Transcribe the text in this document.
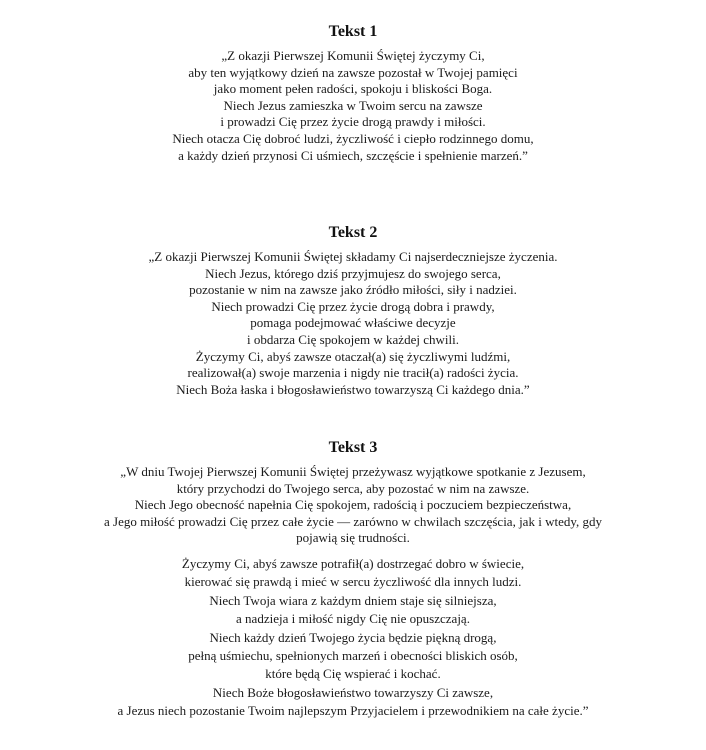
Tekst 1

„Z okazji Pierwszej Komunii Świętej życzymy Ci,
aby ten wyjątkowy dzień na zawsze pozostał w Twojej pamięci
jako moment pełen radości, spokoju i bliskości Boga.
Niech Jezus zamieszka w Twoim sercu na zawsze
i prowadzi Cię przez życie drogą prawdy i miłości.
Niech otacza Cię dobroć ludzi, życzliwość i ciepło rodzinnego domu,
a każdy dzień przynosi Ci uśmiech, szczęście i spełnienie marzeń.”

Tekst 2

„Z okazji Pierwszej Komunii Świętej składamy Ci najserdeczniejsze życzenia.
Niech Jezus, którego dziś przyjmujesz do swojego serca,
pozostanie w nim na zawsze jako źródło miłości, siły i nadziei.
Niech prowadzi Cię przez życie drogą dobra i prawdy,
pomaga podejmować właściwe decyzje
i obdarza Cię spokojem w każdej chwili.
Życzymy Ci, abyś zawsze otaczał(a) się życzliwymi ludźmi,
realizował(a) swoje marzenia i nigdy nie tracił(a) radości życia.
Niech Boża łaska i błogosławieństwo towarzyszą Ci każdego dnia.”

Tekst 3

„W dniu Twojej Pierwszej Komunii Świętej przeżywasz wyjątkowe spotkanie z Jezusem,
który przychodzi do Twojego serca, aby pozostać w nim na zawsze.
Niech Jego obecność napełnia Cię spokojem, radością i poczuciem bezpieczeństwa,
a Jego miłość prowadzi Cię przez całe życie — zarówno w chwilach szczęścia, jak i wtedy, gdy
pojawią się trudności.

Życzymy Ci, abyś zawsze potrafił(a) dostrzegać dobro w świecie,
kierować się prawdą i mieć w sercu życzliwość dla innych ludzi.
Niech Twoja wiara z każdym dniem staje się silniejsza,
a nadzieja i miłość nigdy Cię nie opuszczają.
Niech każdy dzień Twojego życia będzie piękną drogą,
pełną uśmiechu, spełnionych marzeń i obecności bliskich osób,
które będą Cię wspierać i kochać.
Niech Boże błogosławieństwo towarzyszy Ci zawsze,
a Jezus niech pozostanie Twoim najlepszym Przyjacielem i przewodnikiem na całe życie.”
